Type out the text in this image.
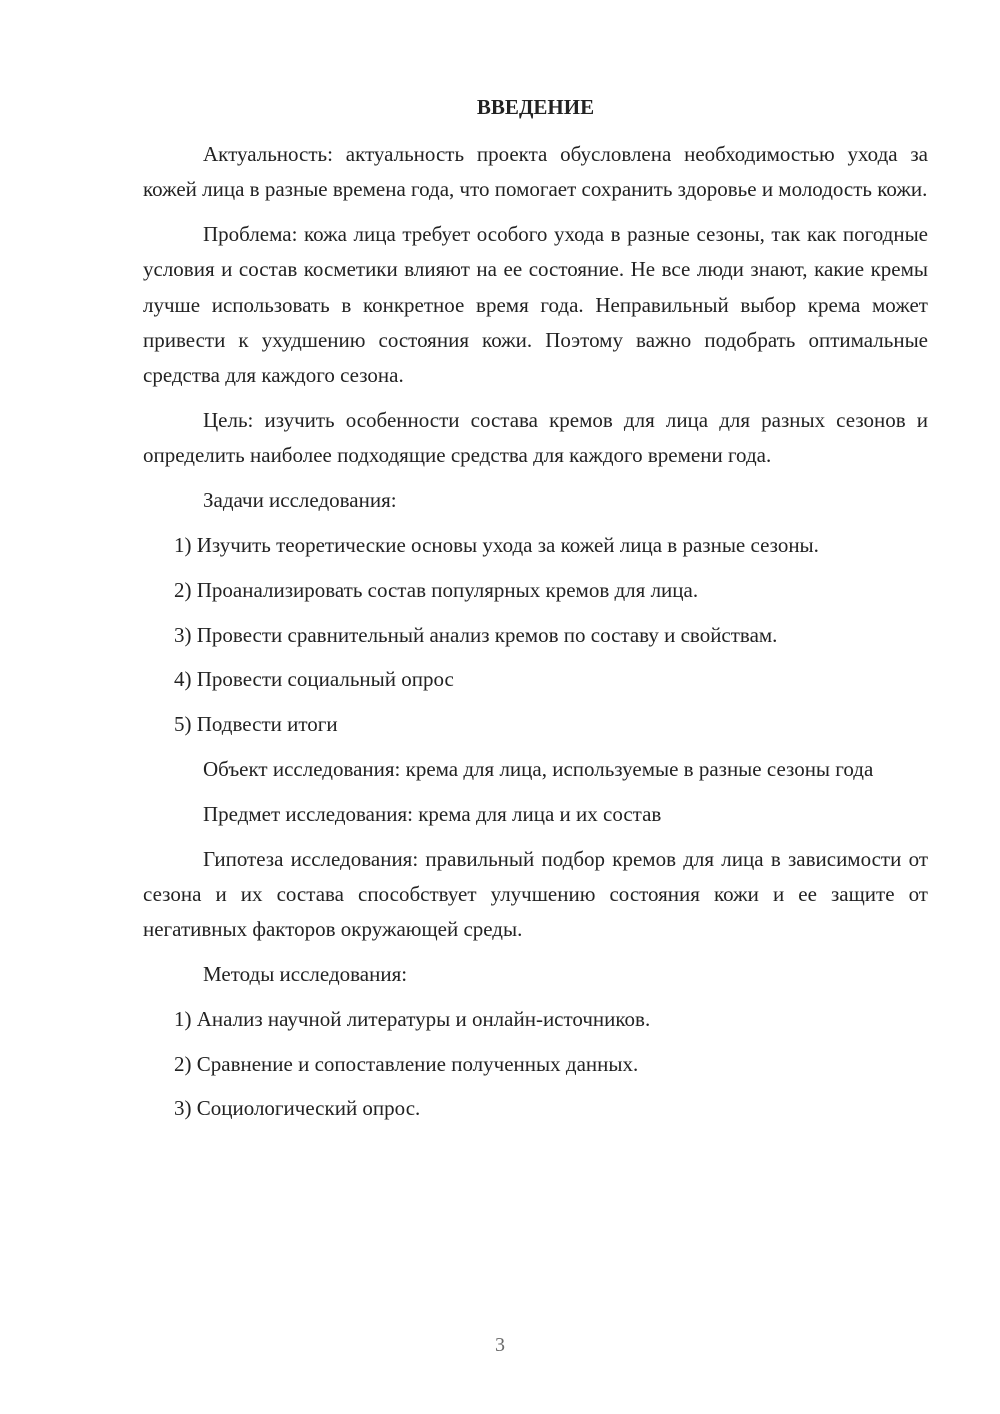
ВВЕДЕНИЕ

Актуальность: актуальность проекта обусловлена необходимостью ухода за кожей лица в разные времена года, что помогает сохранить здоровье и молодость кожи.

Проблема: кожа лица требует особого ухода в разные сезоны, так как погодные условия и состав косметики влияют на ее состояние. Не все люди знают, какие кремы лучше использовать в конкретное время года. Неправильный выбор крема может привести к ухудшению состояния кожи. Поэтому важно подобрать оптимальные средства для каждого сезона.

Цель: изучить особенности состава кремов для лица для разных сезонов и определить наиболее подходящие средства для каждого времени года.

Задачи исследования:

1) Изучить теоретические основы ухода за кожей лица в разные сезоны.

2) Проанализировать состав популярных кремов для лица.

3) Провести сравнительный анализ кремов по составу и свойствам.

4) Провести социальный опрос

5) Подвести итоги

Объект исследования: крема для лица, используемые в разные сезоны года

Предмет исследования: крема для лица и их состав

Гипотеза исследования: правильный подбор кремов для лица в зависимости от сезона и их состава способствует улучшению состояния кожи и ее защите от негативных факторов окружающей среды.

Методы исследования:

1) Анализ научной литературы и онлайн-источников.

2) Сравнение и сопоставление полученных данных.

3) Социологический опрос.

3
